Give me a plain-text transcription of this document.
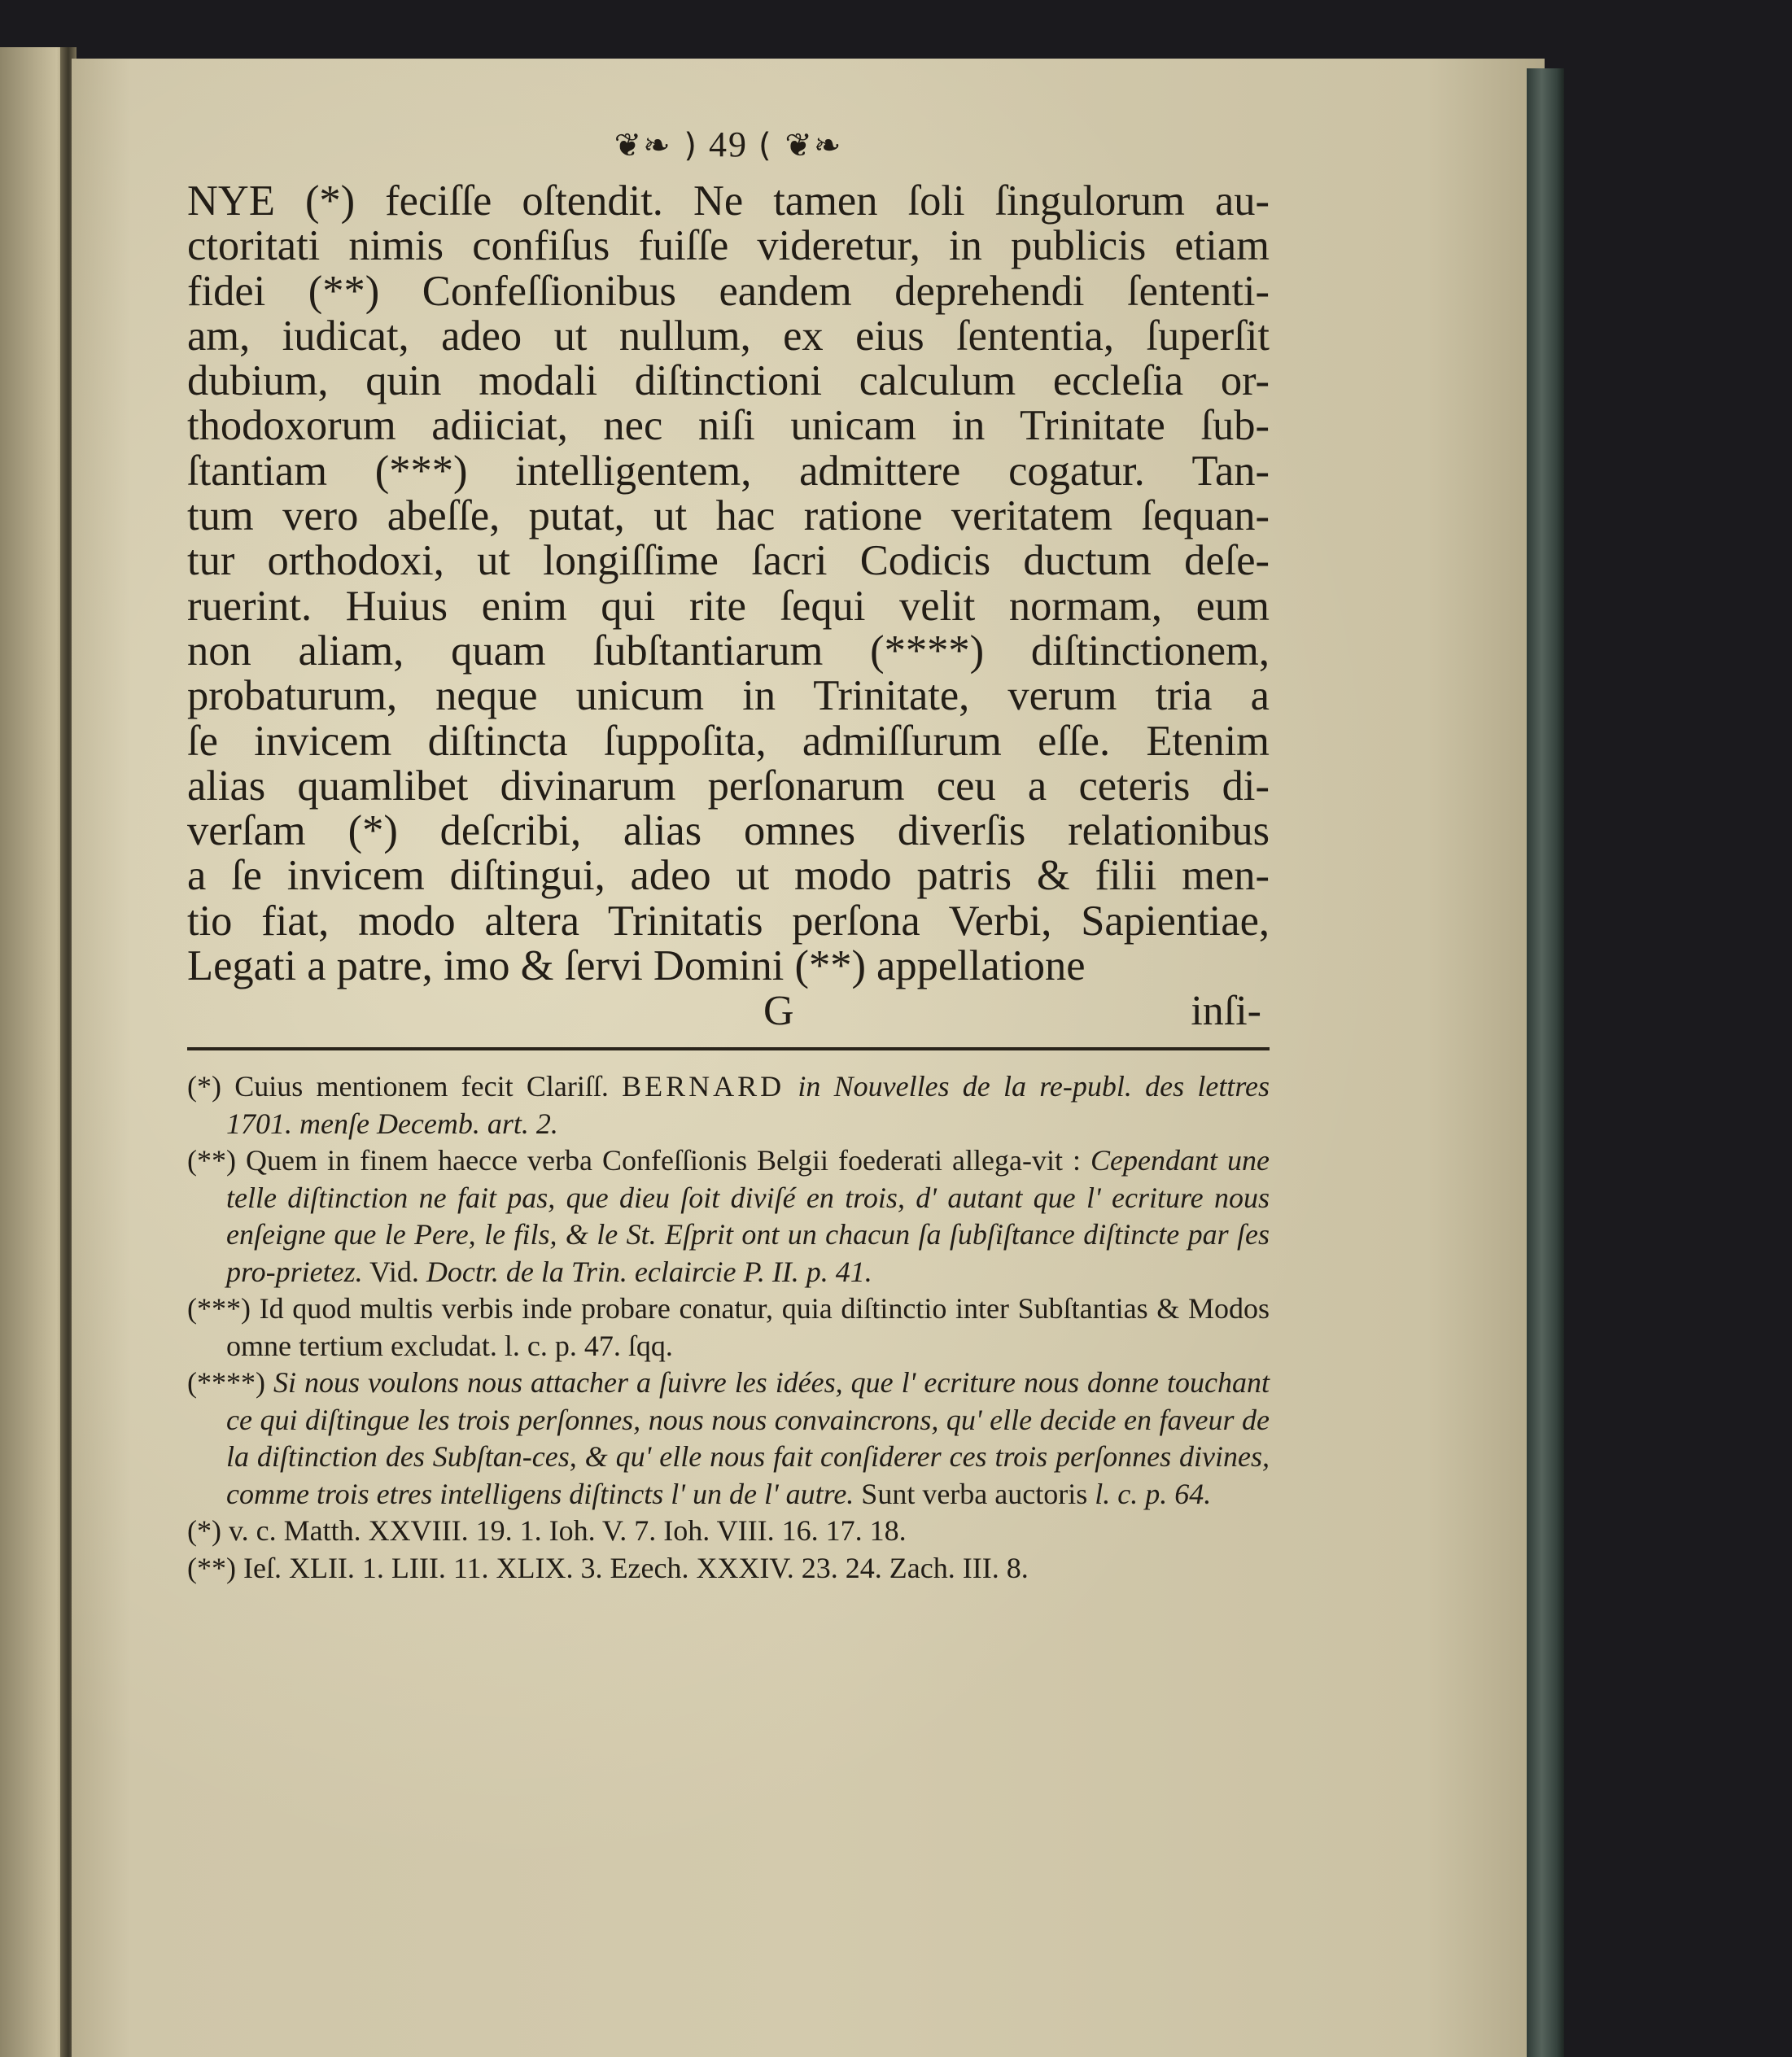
❦❧ ) 49 ( ❦❧

NYE (*) feciſſe oſtendit. Ne tamen ſoli ſingulorum au-

ctoritati nimis confiſus fuiſſe videretur, in publicis etiam

fidei (**) Confeſſionibus eandem deprehendi ſententi-

am, iudicat, adeo ut nullum, ex eius ſententia, ſuperſit

dubium, quin modali diſtinctioni calculum eccleſia or-

thodoxorum adiiciat, nec niſi unicam in Trinitate ſub-

ſtantiam (***) intelligentem, admittere cogatur. Tan-

tum vero abeſſe, putat, ut hac ratione veritatem ſequan-

tur orthodoxi, ut longiſſime ſacri Codicis ductum deſe-

ruerint. Huius enim qui rite ſequi velit normam, eum

non aliam, quam ſubſtantiarum (****) diſtinctionem,

probaturum, neque unicum in Trinitate, verum tria a

ſe invicem diſtincta ſuppoſita, admiſſurum eſſe. Etenim

alias quamlibet divinarum perſonarum ceu a ceteris di-

verſam (*) deſcribi, alias omnes diverſis relationibus

a ſe invicem diſtingui, adeo ut modo patris & filii men-

tio fiat, modo altera Trinitatis perſona Verbi, Sapientiae,

Legati a patre, imo & ſervi Domini (**) appellatione

G	inſi-

(*) Cuius mentionem fecit Clariſſ. BERNARD in Nouvelles de la re-publ. des lettres 1701. menſe Decemb. art. 2.

(**) Quem in finem haecce verba Confeſſionis Belgii foederati allega-vit : Cependant une telle diſtinction ne fait pas, que dieu ſoit diviſé en trois, d' autant que l' ecriture nous enſeigne que le Pere, le fils, & le St. Eſprit ont un chacun ſa ſubſiſtance diſtincte par ſes pro-prietez. Vid. Doctr. de la Trin. eclaircie P. II. p. 41.

(***) Id quod multis verbis inde probare conatur, quia diſtinctio inter Subſtantias & Modos omne tertium excludat. l. c. p. 47. ſqq.

(****) Si nous voulons nous attacher a ſuivre les idées, que l' ecriture nous donne touchant ce qui diſtingue les trois perſonnes, nous nous convaincrons, qu' elle decide en faveur de la diſtinction des Subſtan-ces, & qu' elle nous fait conſiderer ces trois perſonnes divines, comme trois etres intelligens diſtincts l' un de l' autre. Sunt verba auctoris l. c. p. 64.

(*) v. c. Matth. XXVIII. 19. 1. Ioh. V. 7. Ioh. VIII. 16. 17. 18.

(**) Ieſ. XLII. 1. LIII. 11. XLIX. 3. Ezech. XXXIV. 23. 24. Zach. III. 8.
